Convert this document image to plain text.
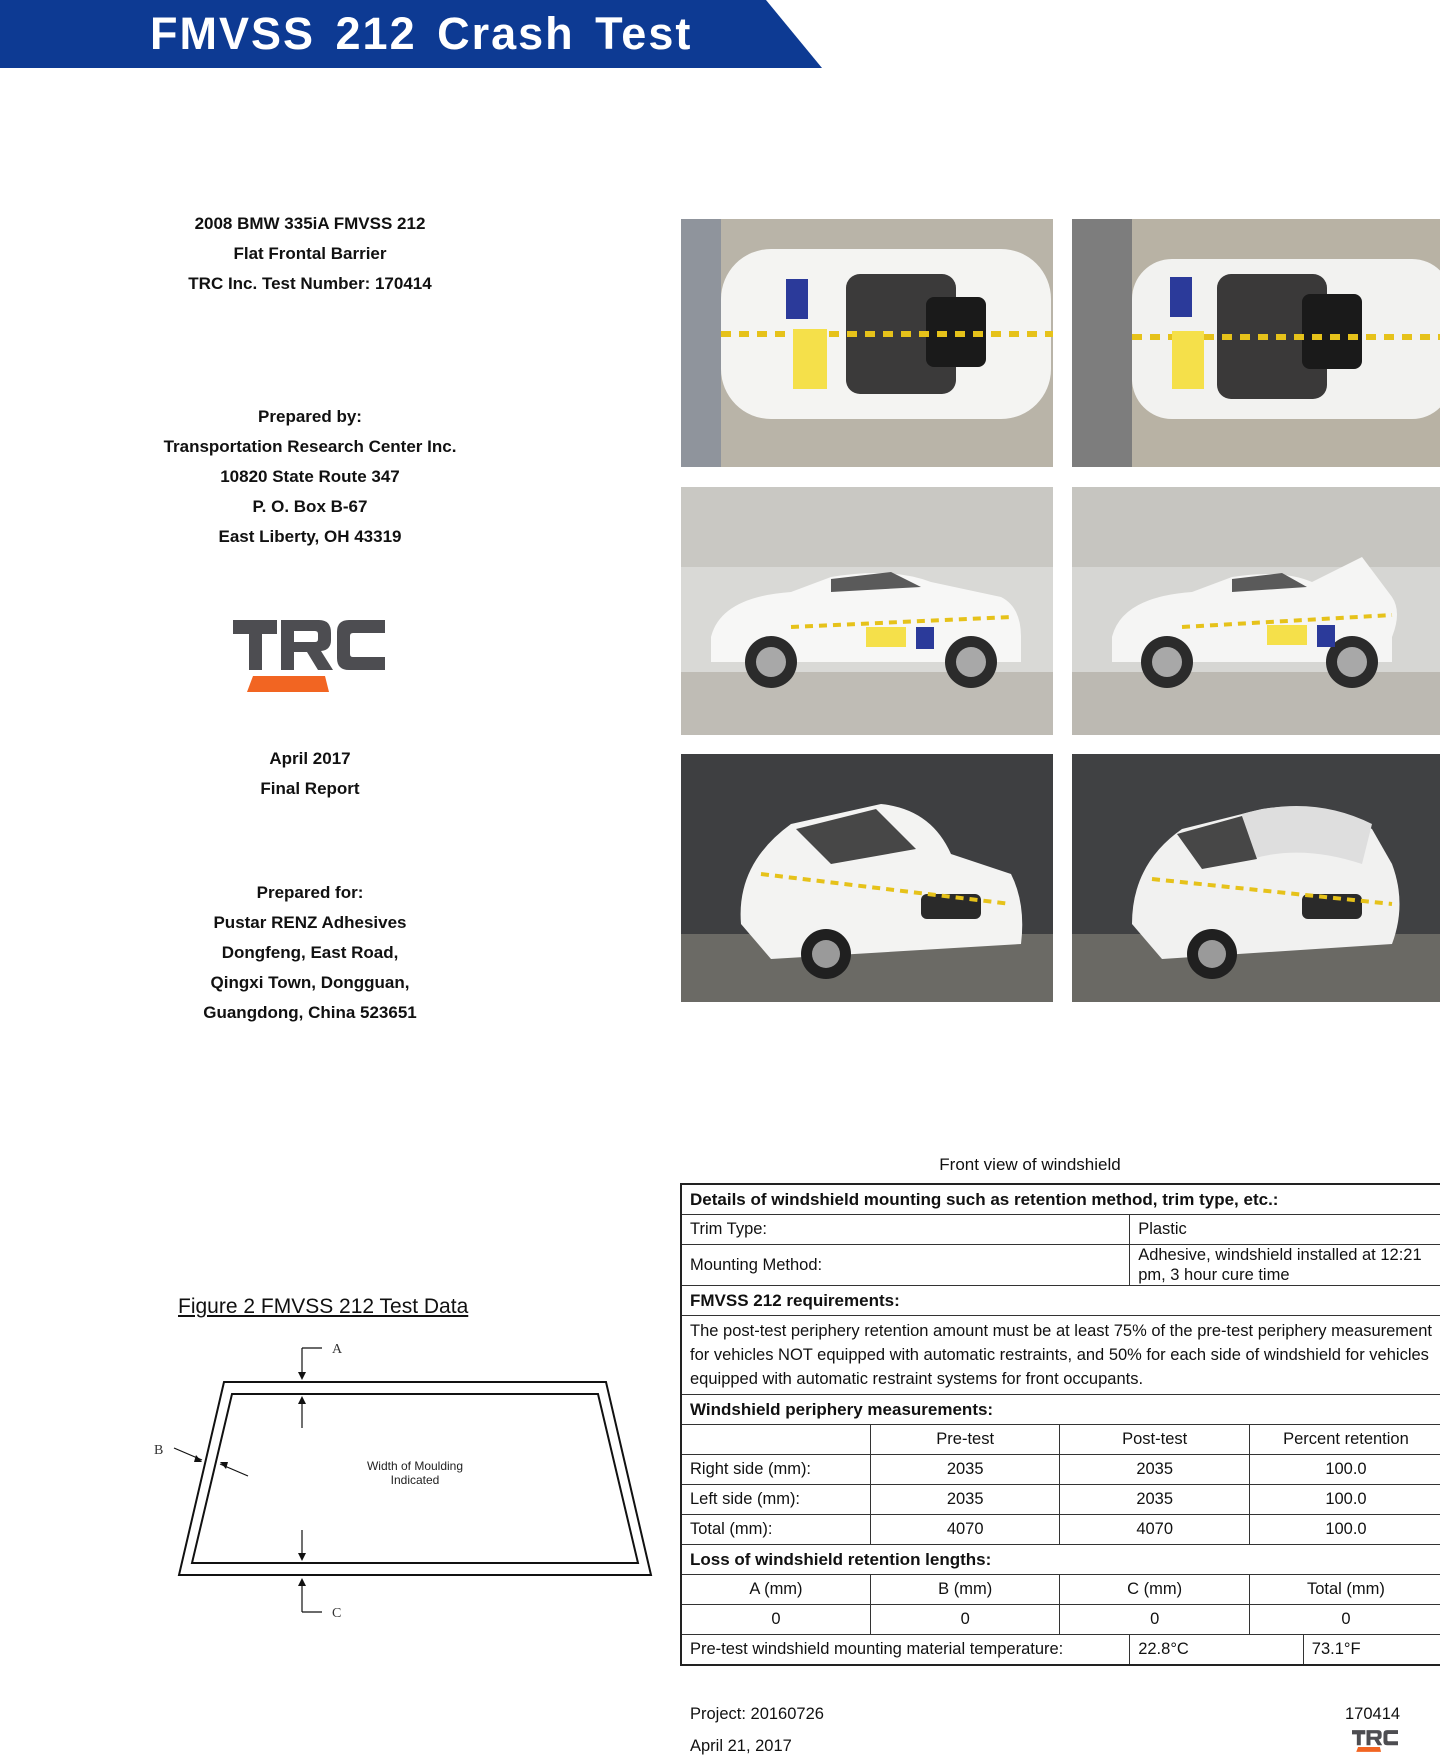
FMVSS 212 Crash Test
2008 BMW 335iA FMVSS 212
Flat Frontal Barrier
TRC Inc. Test Number: 170414
Prepared by:
Transportation Research Center Inc.
10820 State Route 347
P. O. Box B-67
East Liberty, OH 43319
April 2017
Final Report
Prepared for:
Pustar RENZ Adhesives
Dongfeng, East Road,
Qingxi Town, Dongguan,
Guangdong, China 523651
Figure 2 FMVSS 212 Test Data
A
B
Width of Moulding
Indicated
C
Front view of windshield
Details of windshield mounting such as retention method, trim type, etc.:					
Trim Type:			Plastic		
Mounting Method:			Adhesive, windshield installed at 12:21 pm, 3 hour cure time		
FMVSS 212 requirements:					
The post-test periphery retention amount must be at least 75% of the pre-test periphery measurement for vehicles NOT equipped with automatic restraints, and 50% for each side of windshield for vehicles equipped with automatic restraint systems for front occupants.					
Windshield periphery measurements:					
	Pre-test	Post-test		Percent retention	
Right side (mm):	2035	2035		100.0	
Left side (mm):	2035	2035		100.0	
Total (mm):	4070	4070		100.0	
Loss of windshield retention lengths:					
A (mm)	B (mm)	C (mm)		Total (mm)	
0	0	0		0	
Pre-test windshield mounting material temperature:			22.8°C		73.1°F
Project: 20160726
April 21, 2017
170414
